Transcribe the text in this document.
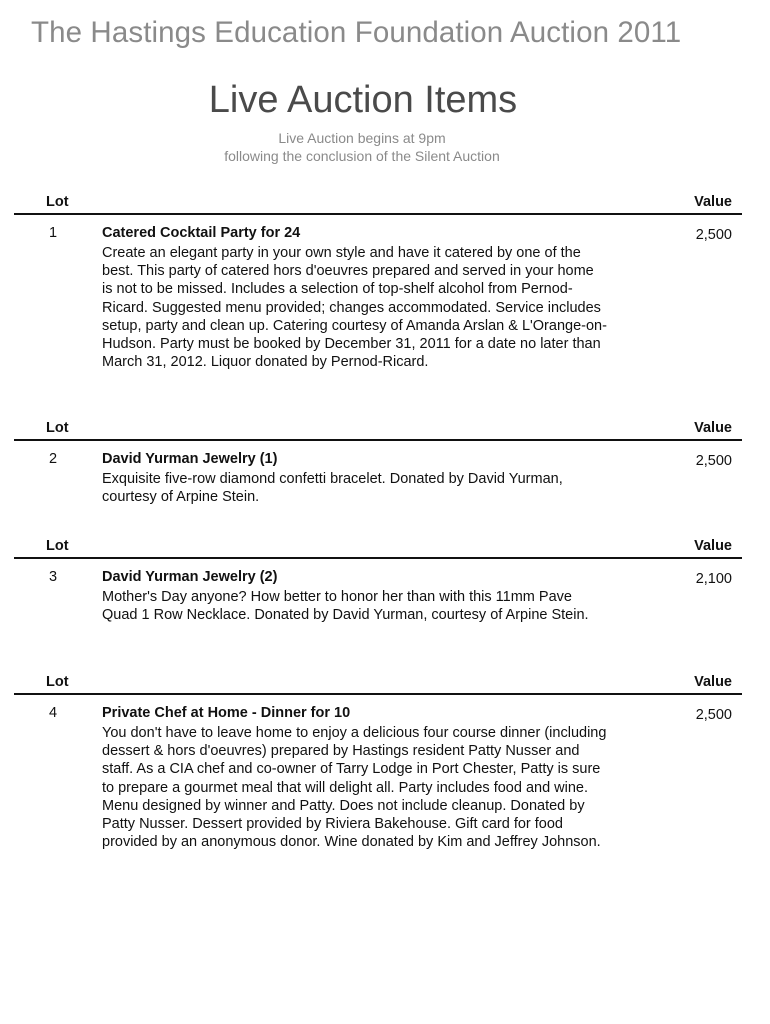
The Hastings Education Foundation Auction 2011
Live Auction Items
Live Auction begins at 9pm
following the conclusion of the Silent Auction
Lot	Value
1	Catered Cocktail Party for 24	2,500
Create an elegant party in your own style and have it catered by one of the best. This party of catered hors d'oeuvres prepared and served in your home is not to be missed. Includes a selection of top-shelf alcohol from Pernod-Ricard. Suggested menu provided; changes accommodated. Service includes setup, party and clean up. Catering courtesy of Amanda Arslan & L'Orange-on-Hudson. Party must be booked by December 31, 2011 for a date no later than March 31, 2012. Liquor donated by Pernod-Ricard.
Lot	Value
2	David Yurman Jewelry (1)	2,500
Exquisite five-row diamond confetti bracelet. Donated by David Yurman, courtesy of Arpine Stein.
Lot	Value
3	David Yurman Jewelry (2)	2,100
Mother's Day anyone? How better to honor her than with this 11mm Pave Quad 1 Row Necklace. Donated by David Yurman, courtesy of Arpine Stein.
Lot	Value
4	Private Chef at Home - Dinner for 10	2,500
You don't have to leave home to enjoy a delicious four course dinner (including dessert & hors d'oeuvres) prepared by Hastings resident Patty Nusser and staff. As a CIA chef and co-owner of Tarry Lodge in Port Chester, Patty is sure to prepare a gourmet meal that will delight all. Party includes food and wine. Menu designed by winner and Patty. Does not include cleanup. Donated by Patty Nusser. Dessert provided by Riviera Bakehouse. Gift card for food provided by an anonymous donor. Wine donated by Kim and Jeffrey Johnson.
